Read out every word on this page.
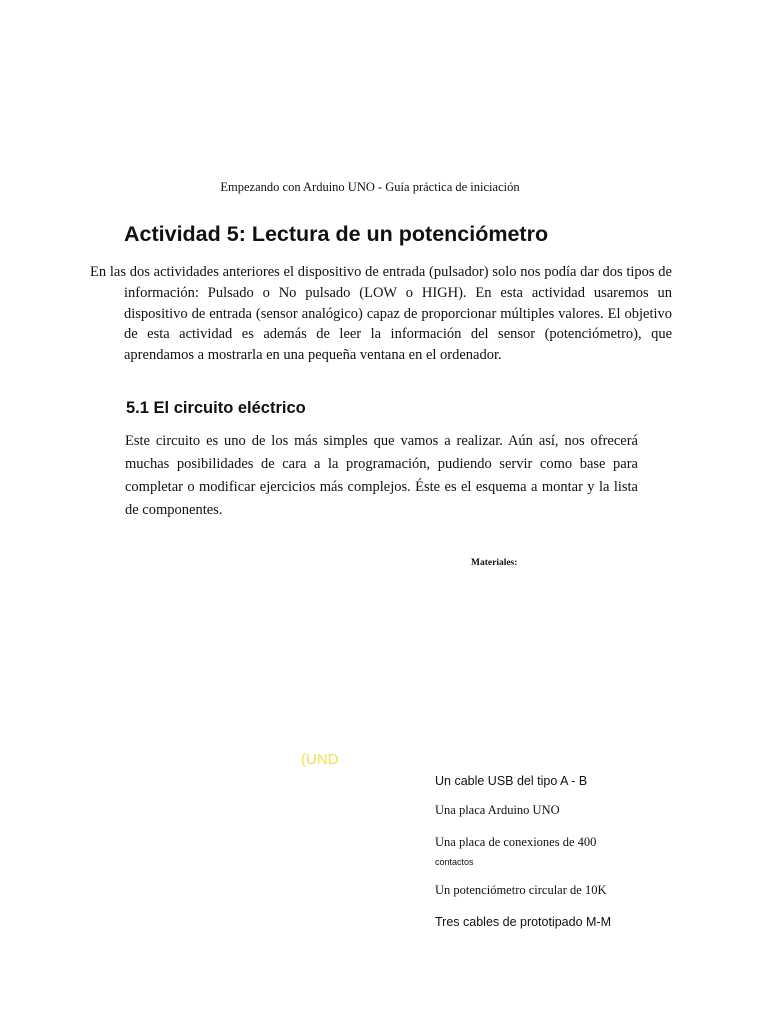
Empezando con Arduino UNO - Guía práctica de iniciación
Actividad 5: Lectura de un potenciómetro

En las dos actividades anteriores el dispositivo de entrada (pulsador) solo nos podía dar dos tipos de información: Pulsado o No pulsado (LOW o HIGH). En esta actividad usaremos un dispositivo de entrada (sensor analógico) capaz de proporcionar múltiples valores. El objetivo de esta actividad es además de leer la información del sensor (potenciómetro), que aprendamos a mostrarla en una pequeña ventana en el ordenador.

5.1 El circuito eléctrico

Este circuito es uno de los más simples que vamos a realizar. Aún así, nos ofrecerá muchas posibilidades de cara a la programación, pudiendo servir como base para completar o modificar ejercicios más complejos. Éste es el esquema a montar y la lista de componentes.

Materiales:
(UND

Un cable USB del tipo A - B

Una placa Arduino UNO

Una placa de conexiones de 400

contactos

Un potenciómetro circular de 10K

Tres cables de prototipado M-M
